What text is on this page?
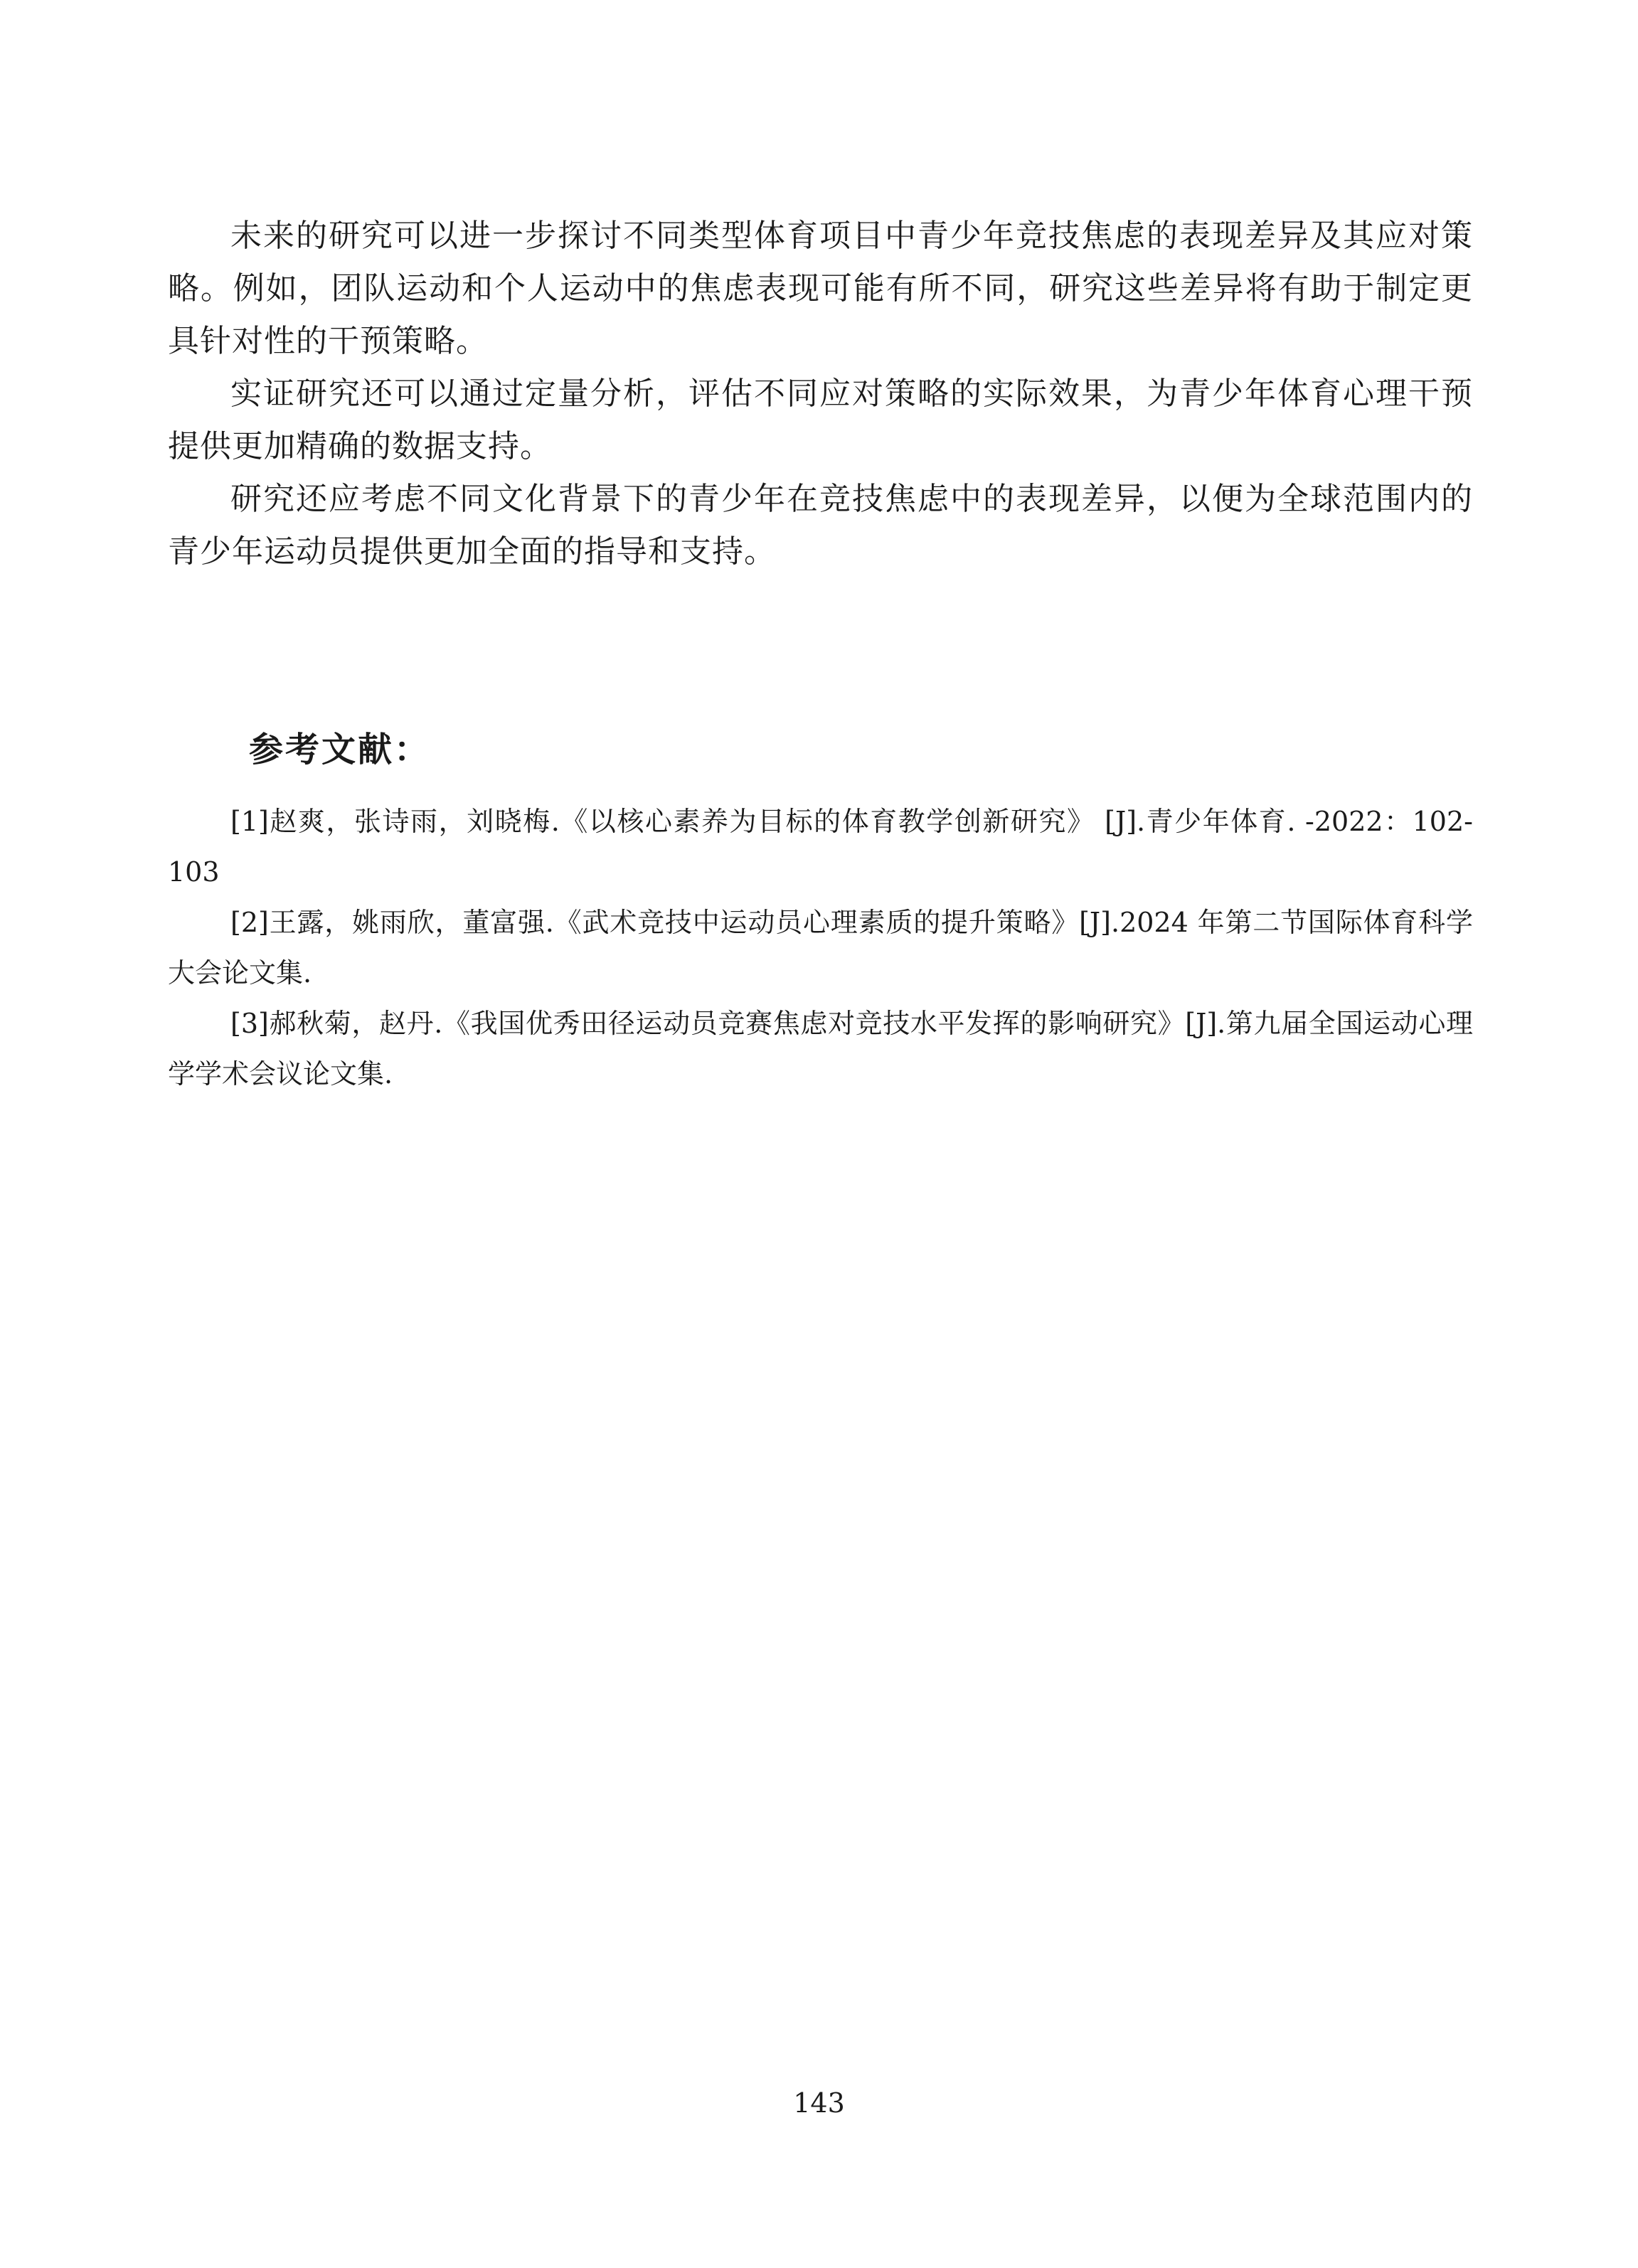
未来的研究可以进一步探讨不同类型体育项目中青少年竞技焦虑的表现差异及其应对策略。例如，团队运动和个人运动中的焦虑表现可能有所不同，研究这些差异将有助于制定更具针对性的干预策略。

实证研究还可以通过定量分析，评估不同应对策略的实际效果，为青少年体育心理干预提供更加精确的数据支持。

研究还应考虑不同文化背景下的青少年在竞技焦虑中的表现差异，以便为全球范围内的青少年运动员提供更加全面的指导和支持。

参考文献：

[1]赵爽，张诗雨，刘晓梅.《以核心素养为目标的体育教学创新研究》 [J].青少年体育. -2022：102-103

[2]王露，姚雨欣，董富强.《武术竞技中运动员心理素质的提升策略》[J].2024 年第二节国际体育科学大会论文集.

[3]郝秋菊，赵丹.《我国优秀田径运动员竞赛焦虑对竞技水平发挥的影响研究》[J].第九届全国运动心理学学术会议论文集.

143
